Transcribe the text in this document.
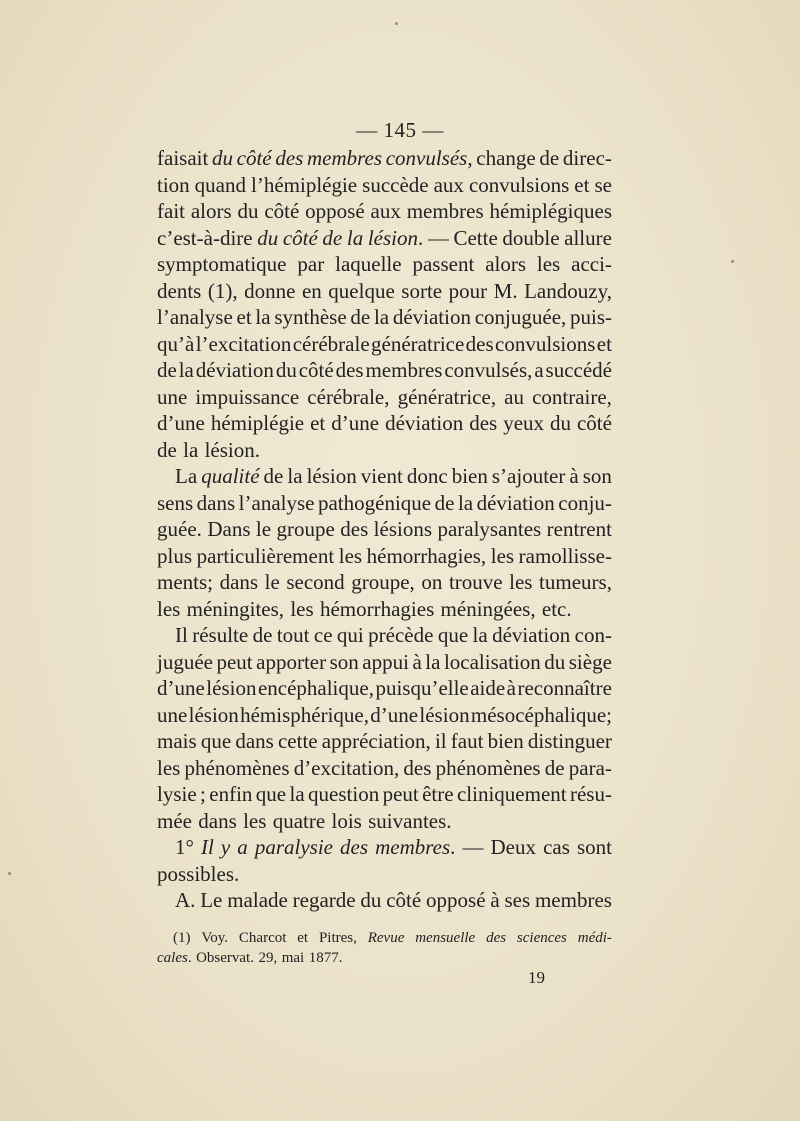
— 145 —
faisait du côté des membres convulsés, change de direc-
tion quand l’hémiplégie succède aux convulsions et se
fait alors du côté opposé aux membres hémiplégiques
c’est-à-dire du côté de la lésion. — Cette double allure
symptomatique par laquelle passent alors les acci-
dents (1), donne en quelque sorte pour M. Landouzy,
l’analyse et la synthèse de la déviation conjuguée, puis-
qu’à l’excitation cérébrale génératrice des convulsions et
de la déviation du côté des membres convulsés, a succédé
une impuissance cérébrale, génératrice, au contraire,
d’une hémiplégie et d’une déviation des yeux du côté
de la lésion.
La qualité de la lésion vient donc bien s’ajouter à son
sens dans l’analyse pathogénique de la déviation conju-
guée. Dans le groupe des lésions paralysantes rentrent
plus particulièrement les hémorrhagies, les ramollisse-
ments; dans le second groupe, on trouve les tumeurs,
les méningites, les hémorrhagies méningées, etc.
Il résulte de tout ce qui précède que la déviation con-
juguée peut apporter son appui à la localisation du siège
d’une lésion encéphalique, puisqu’elle aide à reconnaître
une lésion hémisphérique, d’une lésion mésocéphalique;
mais que dans cette appréciation, il faut bien distinguer
les phénomènes d’excitation, des phénomènes de para-
lysie ; enfin que la question peut être cliniquement résu-
mée dans les quatre lois suivantes.
1° Il y a paralysie des membres. — Deux cas sont
possibles.
A. Le malade regarde du côté opposé à ses membres
(1) Voy. Charcot et Pitres, Revue mensuelle des sciences médi-
cales. Observat. 29, mai 1877.
19
